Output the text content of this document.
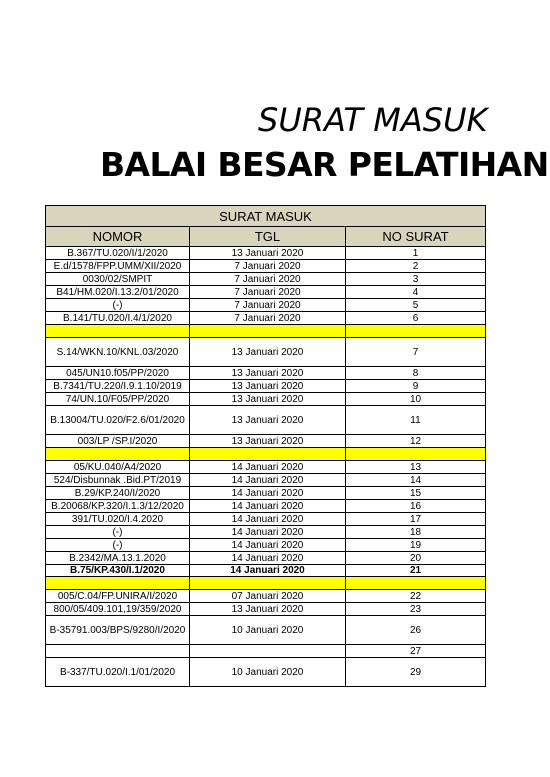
SURAT MASUK
BALAI BESAR PELATIHAN
SURAT MASUK		
NOMOR	TGL	NO SURAT
B.367/TU.020/I/1/2020	13 Januari 2020	1
E.d/1578/FPP.UMM/XII/2020	7 Januari 2020	2
0030/02/SMPIT	7 Januari 2020	3
B41/HM.020/I.13.2/01/2020	7 Januari 2020	4
(-)	7 Januari 2020	5
B.141/TU.020/I.4/1/2020	7 Januari 2020	6

S.14/WKN.10/KNL.03/2020	13 Januari 2020	7
045/UN10.f05/PP/2020	13 Januari 2020	8
B.7341/TU.220/I.9.1.10/2019	13 Januari 2020	9
74/UN.10/F05/PP/2020	13 Januari 2020	10
B.13004/TU.020/F2.6/01/2020	13 Januari 2020	11
003/LP /SP.I/2020	13 Januari 2020	12

05/KU.040/A4/2020	14 Januari 2020	13
524/Disbunnak .Bid.PT/2019	14 Januari 2020	14
B.29/KP.240/I/2020	14 Januari 2020	15
B.20068/KP.320/I.1.3/12/2020	14 Januari 2020	16
391/TU.020/I.4.2020	14 Januari 2020	17
(-)	14 Januari 2020	18
(-)	14 Januari 2020	19
B.2342/MA.13.1.2020	14 Januari 2020	20
B.75/KP.430/I.1/2020	14 Januari 2020	21

005/C.04/FP.UNIRA/I/2020	07 Januari 2020	22
800/05/409.101,19/359/2020	13 Januari 2020	23
B-35791.003/BPS/9280/I/2020	10 Januari 2020	26
		27
B-337/TU.020/I.1/01/2020	10 Januari 2020	29
